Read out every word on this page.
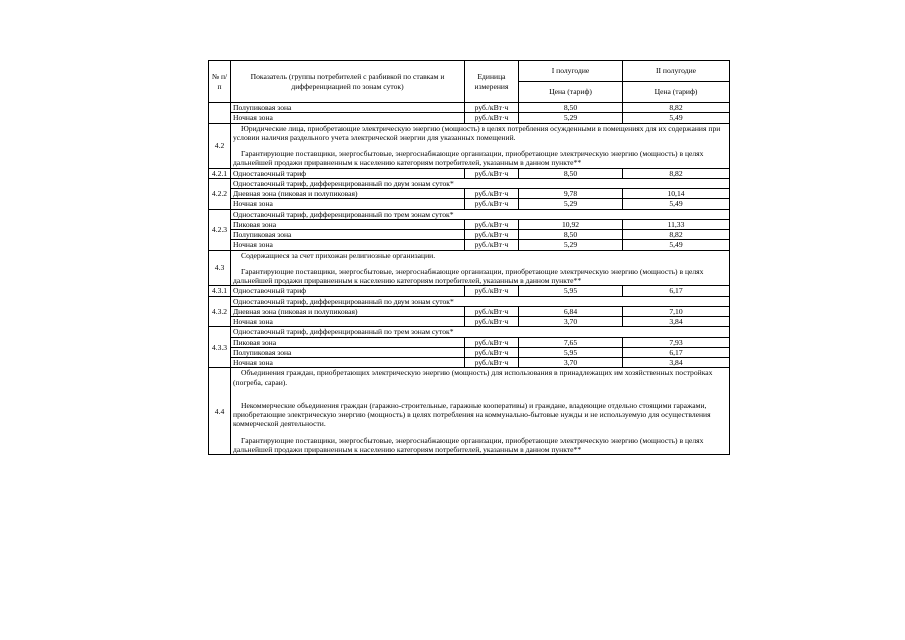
№ п/п	Показатель (группы потребителей с разбивкой по ставкам и дифференциацией по зонам суток)	Единица измерения	I полугодие	II полугодие
			Цена (тариф)	Цена (тариф)
	Полупиковая зона	руб./кВт·ч	8,50	8,82
	Ночная зона	руб./кВт·ч	5,29	5,49
4.2	Юридические лица, приобретающие электрическую энергию (мощность) в целях потребления осужденными в помещениях для их содержания при условии наличия раздельного учета электрической энергии для указанных помещений.

Гарантирующие поставщики, энергосбытовые, энергоснабжающие организации, приобретающие электрическую энергию (мощность) в целях дальнейшей продажи приравненным к населению категориям потребителей, указанным в данном пункте**			

4.2.1	Одноставочный тариф	руб./кВт·ч	8,50	8,82
4.2.2	Одноставочный тариф, дифференцированный по двум зонам суток*			
	Дневная зона (пиковая и полупиковая)	руб./кВт·ч	9,78	10,14
	Ночная зона	руб./кВт·ч	5,29	5,49
4.2.3	Одноставочный тариф, дифференцированный по трем зонам суток*			
	Пиковая зона	руб./кВт·ч	10,92	11,33
	Полупиковая зона	руб./кВт·ч	8,50	8,82
	Ночная зона	руб./кВт·ч	5,29	5,49
4.3	Содержащиеся за счет прихожан религиозные организации.

Гарантирующие поставщики, энергосбытовые, энергоснабжающие организации, приобретающие электрическую энергию (мощность) в целях дальнейшей продажи приравненным к населению категориям потребителей, указанным в данном пункте**			

4.3.1	Одноставочный тариф	руб./кВт·ч	5,95	6,17
4.3.2	Одноставочный тариф, дифференцированный по двум зонам суток*			
	Дневная зона (пиковая и полупиковая)	руб./кВт·ч	6,84	7,10
	Ночная зона	руб./кВт·ч	3,70	3,84
4.3.3	Одноставочный тариф, дифференцированный по трем зонам суток*			
	Пиковая зона	руб./кВт·ч	7,65	7,93
	Полупиковая зона	руб./кВт·ч	5,95	6,17
	Ночная зона	руб./кВт·ч	3,70	3,84
4.4	Объединения граждан, приобретающих электрическую энергию (мощность) для использования в принадлежащих им хозяйственных постройках (погреба, сараи).

Некоммерческие объединения граждан (гаражно-строительные, гаражные кооперативы) и граждане, владеющие отдельно стоящими гаражами, приобретающие электрическую энергию (мощность) в целях потребления на коммунально-бытовые нужды и не используемую для осуществления коммерческой деятельности.

Гарантирующие поставщики, энергосбытовые, энергоснабжающие организации, приобретающие электрическую энергию (мощность) в целях дальнейшей продажи приравненным к населению категориям потребителей, указанным в данном пункте**			
